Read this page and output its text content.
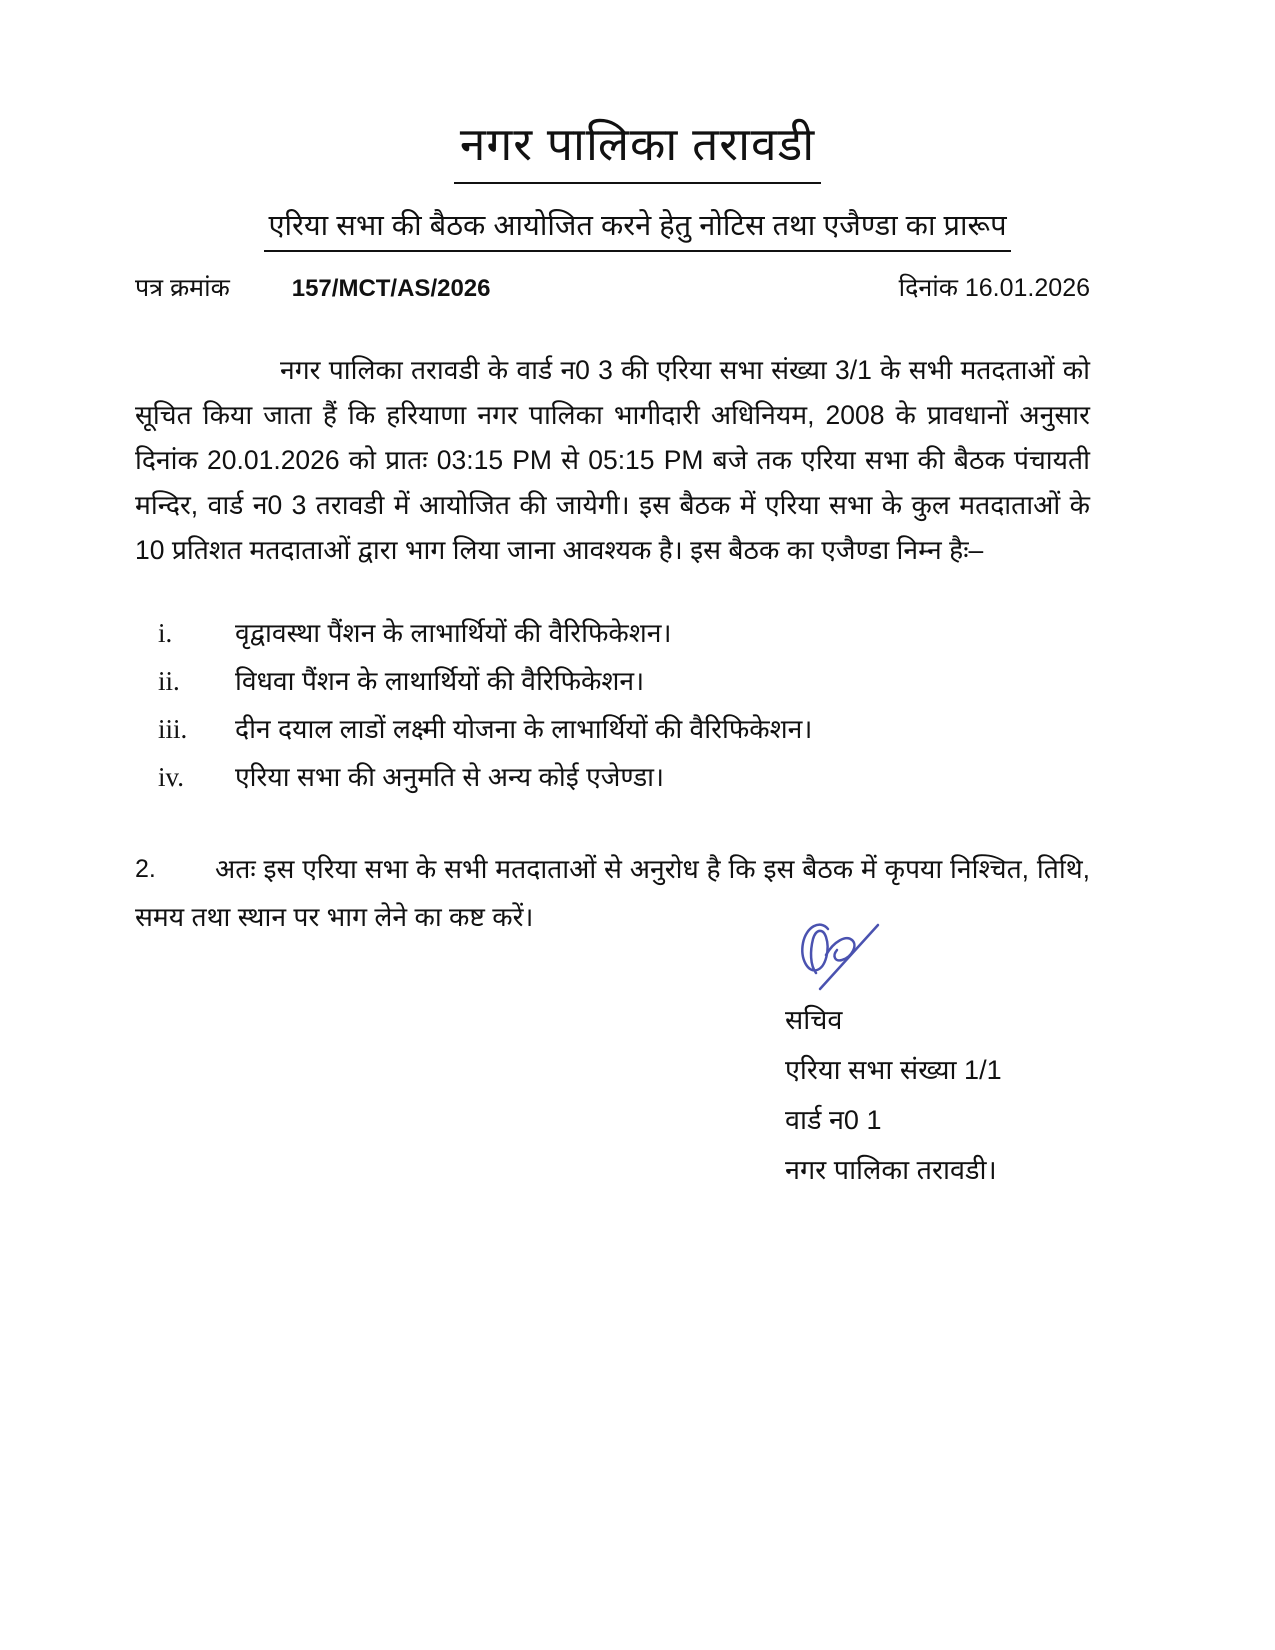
नगर पालिका तरावडी
एरिया सभा की बैठक आयोजित करने हेतु नोटिस तथा एजैण्डा का प्रारूप
पत्र क्रमांक	157/MCT/AS/2026	दिनांक 16.01.2026
नगर पालिका तरावडी के वार्ड न0 3 की एरिया सभा संख्या 3/1 के सभी मतदताओं को सूचित किया जाता हैं कि हरियाणा नगर पालिका भागीदारी अधिनियम, 2008 के प्रावधानों अनुसार दिनांक 20.01.2026 को प्रातः 03:15 PM से 05:15 PM बजे तक एरिया सभा की बैठक पंचायती मन्दिर, वार्ड न0 3 तरावडी में आयोजित की जायेगी। इस बैठक में एरिया सभा के कुल मतदाताओं के 10 प्रतिशत मतदाताओं द्वारा भाग लिया जाना आवश्यक है। इस बैठक का एजैण्डा निम्न हैः–
i.	वृद्वावस्था पैंशन के लाभार्थियों की वैरिफिकेशन।
ii.	विधवा पैंशन के लाथार्थियों की वैरिफिकेशन।
iii.	दीन दयाल लाडों लक्ष्मी योजना के लाभार्थियों की वैरिफिकेशन।
iv.	एरिया सभा की अनुमति से अन्य कोई एजेण्डा।
2. अतः इस एरिया सभा के सभी मतदाताओं से अनुरोध है कि इस बैठक में कृपया निश्चित, तिथि, समय तथा स्थान पर भाग लेने का कष्ट करें।
सचिव
एरिया सभा संख्या 1/1
वार्ड न0 1
नगर पालिका तरावडी।
